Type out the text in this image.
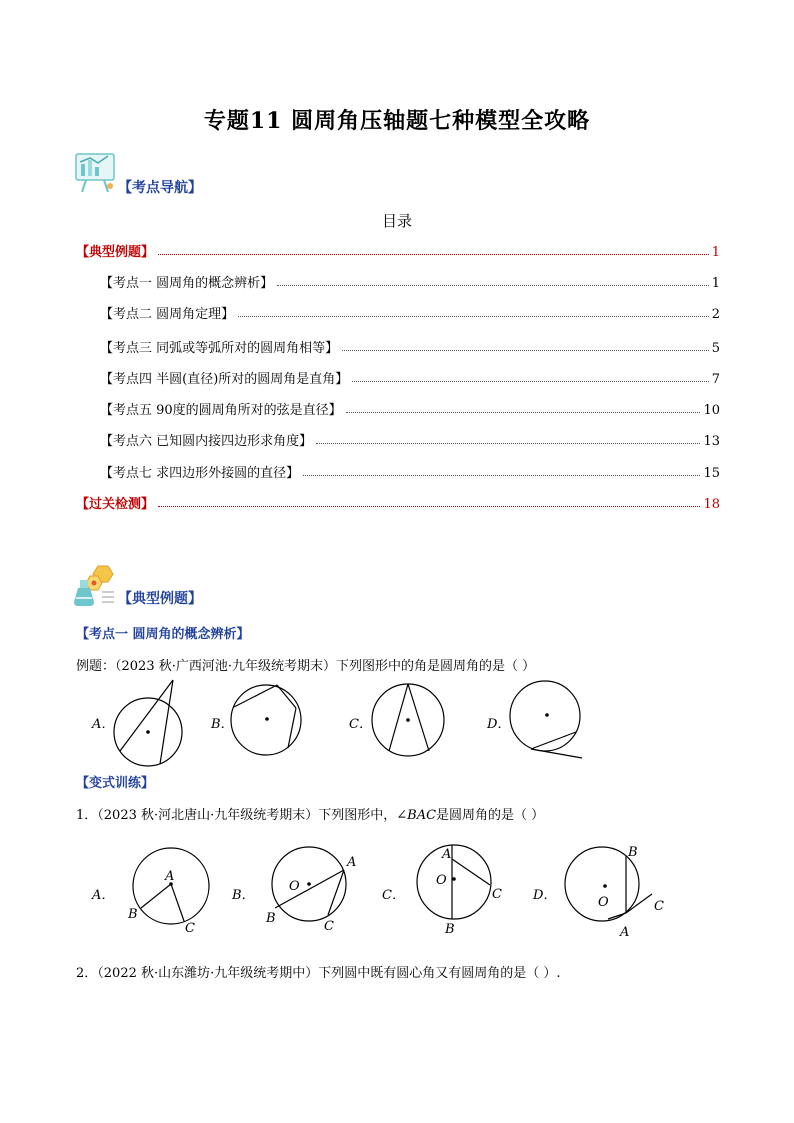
专题11 圆周角压轴题七种模型全攻略
【考点导航】
目录
【典型例题】	1
【考点一 圆周角的概念辨析】	1
【考点二 圆周角定理】	2
【考点三 同弧或等弧所对的圆周角相等】	5
【考点四 半圆(直径)所对的圆周角是直角】	7
【考点五 90度的圆周角所对的弦是直径】	10
【考点六 已知圆内接四边形求角度】	13
【考点七 求四边形外接圆的直径】	15
【过关检测】	18
【典型例题】
【考点一 圆周角的概念辨析】
例题：（2023 秋·广西河池·九年级统考期末）下列图形中的角是圆周角的是（ ）
A．	B．	C．	D．
【变式训练】
1．（2023 秋·河北唐山·九年级统考期末）下列图形中，∠BAC是圆周角的是（ ）
A．
A
B
C
B．
O
A
B
C
C．
A
O
C
B
D．
B
O	C
A
2．（2022 秋·山东潍坊·九年级统考期中）下列圆中既有圆心角又有圆周角的是（ ）.
